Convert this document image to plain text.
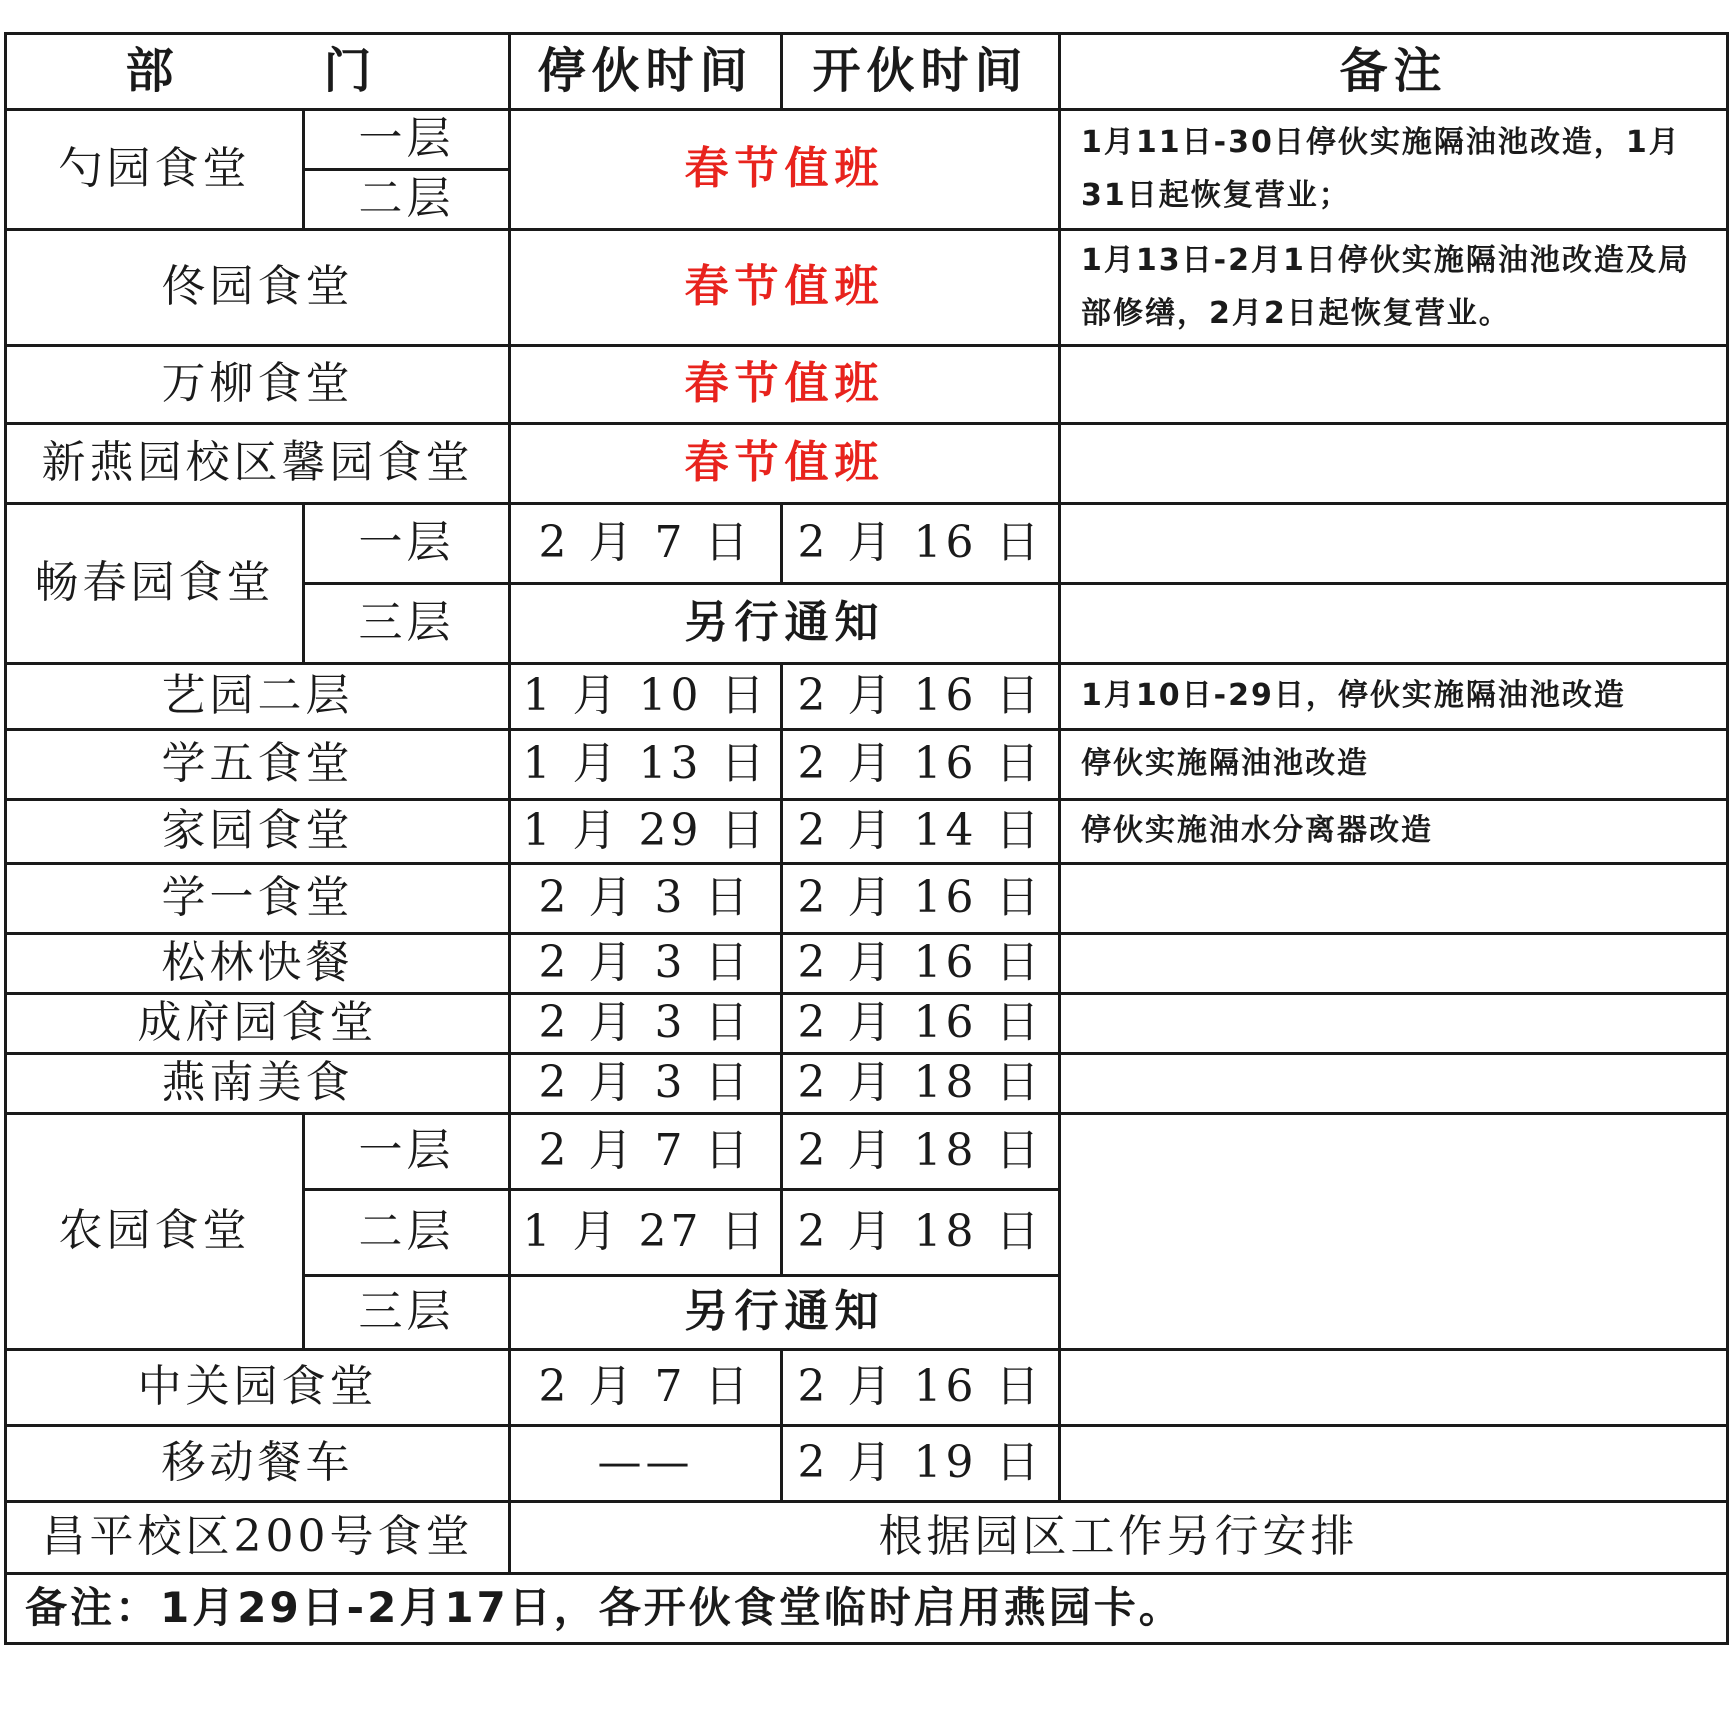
部　　门		停伙时间	开伙时间	备注
勺园食堂	一层	春节值班		1月11日-30日停伙实施隔油池改造，1月31日起恢复营业；
	二层			
佟园食堂		春节值班		1月13日-2月1日停伙实施隔油池改造及局部修缮，2月2日起恢复营业。
万柳食堂		春节值班		
新燕园校区馨园食堂		春节值班		
畅春园食堂	一层	2 月 7 日	2 月 16 日	
	三层	另行通知		
艺园二层		1 月 10 日	2 月 16 日	1月10日-29日，停伙实施隔油池改造
学五食堂		1 月 13 日	2 月 16 日	停伙实施隔油池改造
家园食堂		1 月 29 日	2 月 14 日	停伙实施油水分离器改造
学一食堂		2 月 3 日	2 月 16 日	
松林快餐		2 月 3 日	2 月 16 日	
成府园食堂		2 月 3 日	2 月 16 日	
燕南美食		2 月 3 日	2 月 18 日	
农园食堂	一层	2 月 7 日	2 月 18 日	
	二层	1 月 27 日	2 月 18 日	
	三层	另行通知		
中关园食堂		2 月 7 日	2 月 16 日	
移动餐车		——	2 月 19 日	
昌平校区200号食堂		根据园区工作另行安排		
备注：1月29日-2月17日，各开伙食堂临时启用燕园卡。				
